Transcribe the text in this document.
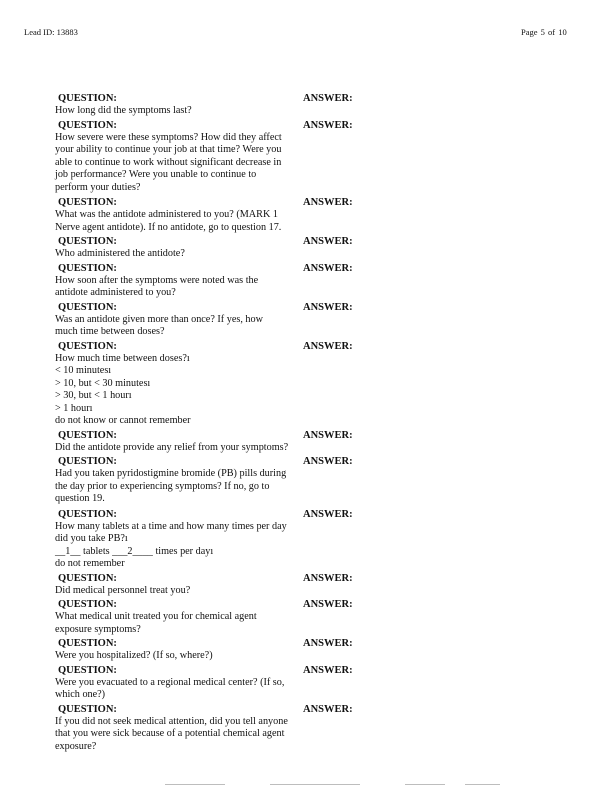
Lead ID: 13883	Page 5 of 10
QUESTION:	ANSWER:
How long did the symptoms last?
QUESTION:	ANSWER:
How severe were these symptoms? How did they affect
your ability to continue your job at that time? Were you
able to continue to work without significant decrease in
job performance? Were you unable to continue to
perform your duties?
QUESTION:	ANSWER:
What was the antidote administered to you? (MARK 1
Nerve agent antidote). If no antidote, go to question 17.
QUESTION:	ANSWER:
Who administered the antidote?
QUESTION:	ANSWER:
How soon after the symptoms were noted was the
antidote administered to you?
QUESTION:	ANSWER:
Was an antidote given more than once? If yes, how
much time between doses?
QUESTION:	ANSWER:
How much time between doses?ı
< 10 minutesı
> 10, but < 30 minutesı
> 30, but < 1 hourı
> 1 hourı
do not know or cannot remember
QUESTION:	ANSWER:
Did the antidote provide any relief from your symptoms?
QUESTION:	ANSWER:
Had you taken pyridostigmine bromide (PB) pills during
the day prior to experiencing symptoms? If no, go to
question 19.
QUESTION:	ANSWER:
How many tablets at a time and how many times per day
did you take PB?ı
__1__ tablets ___2____ times per dayı
do not remember
QUESTION:	ANSWER:
Did medical personnel treat you?
QUESTION:	ANSWER:
What medical unit treated you for chemical agent
exposure symptoms?
QUESTION:	ANSWER:
Were you hospitalized? (If so, where?)
QUESTION:	ANSWER:
Were you evacuated to a regional medical center? (If so,
which one?)
QUESTION:	ANSWER:
If you did not seek medical attention, did you tell anyone
that you were sick because of a potential chemical agent
exposure?
